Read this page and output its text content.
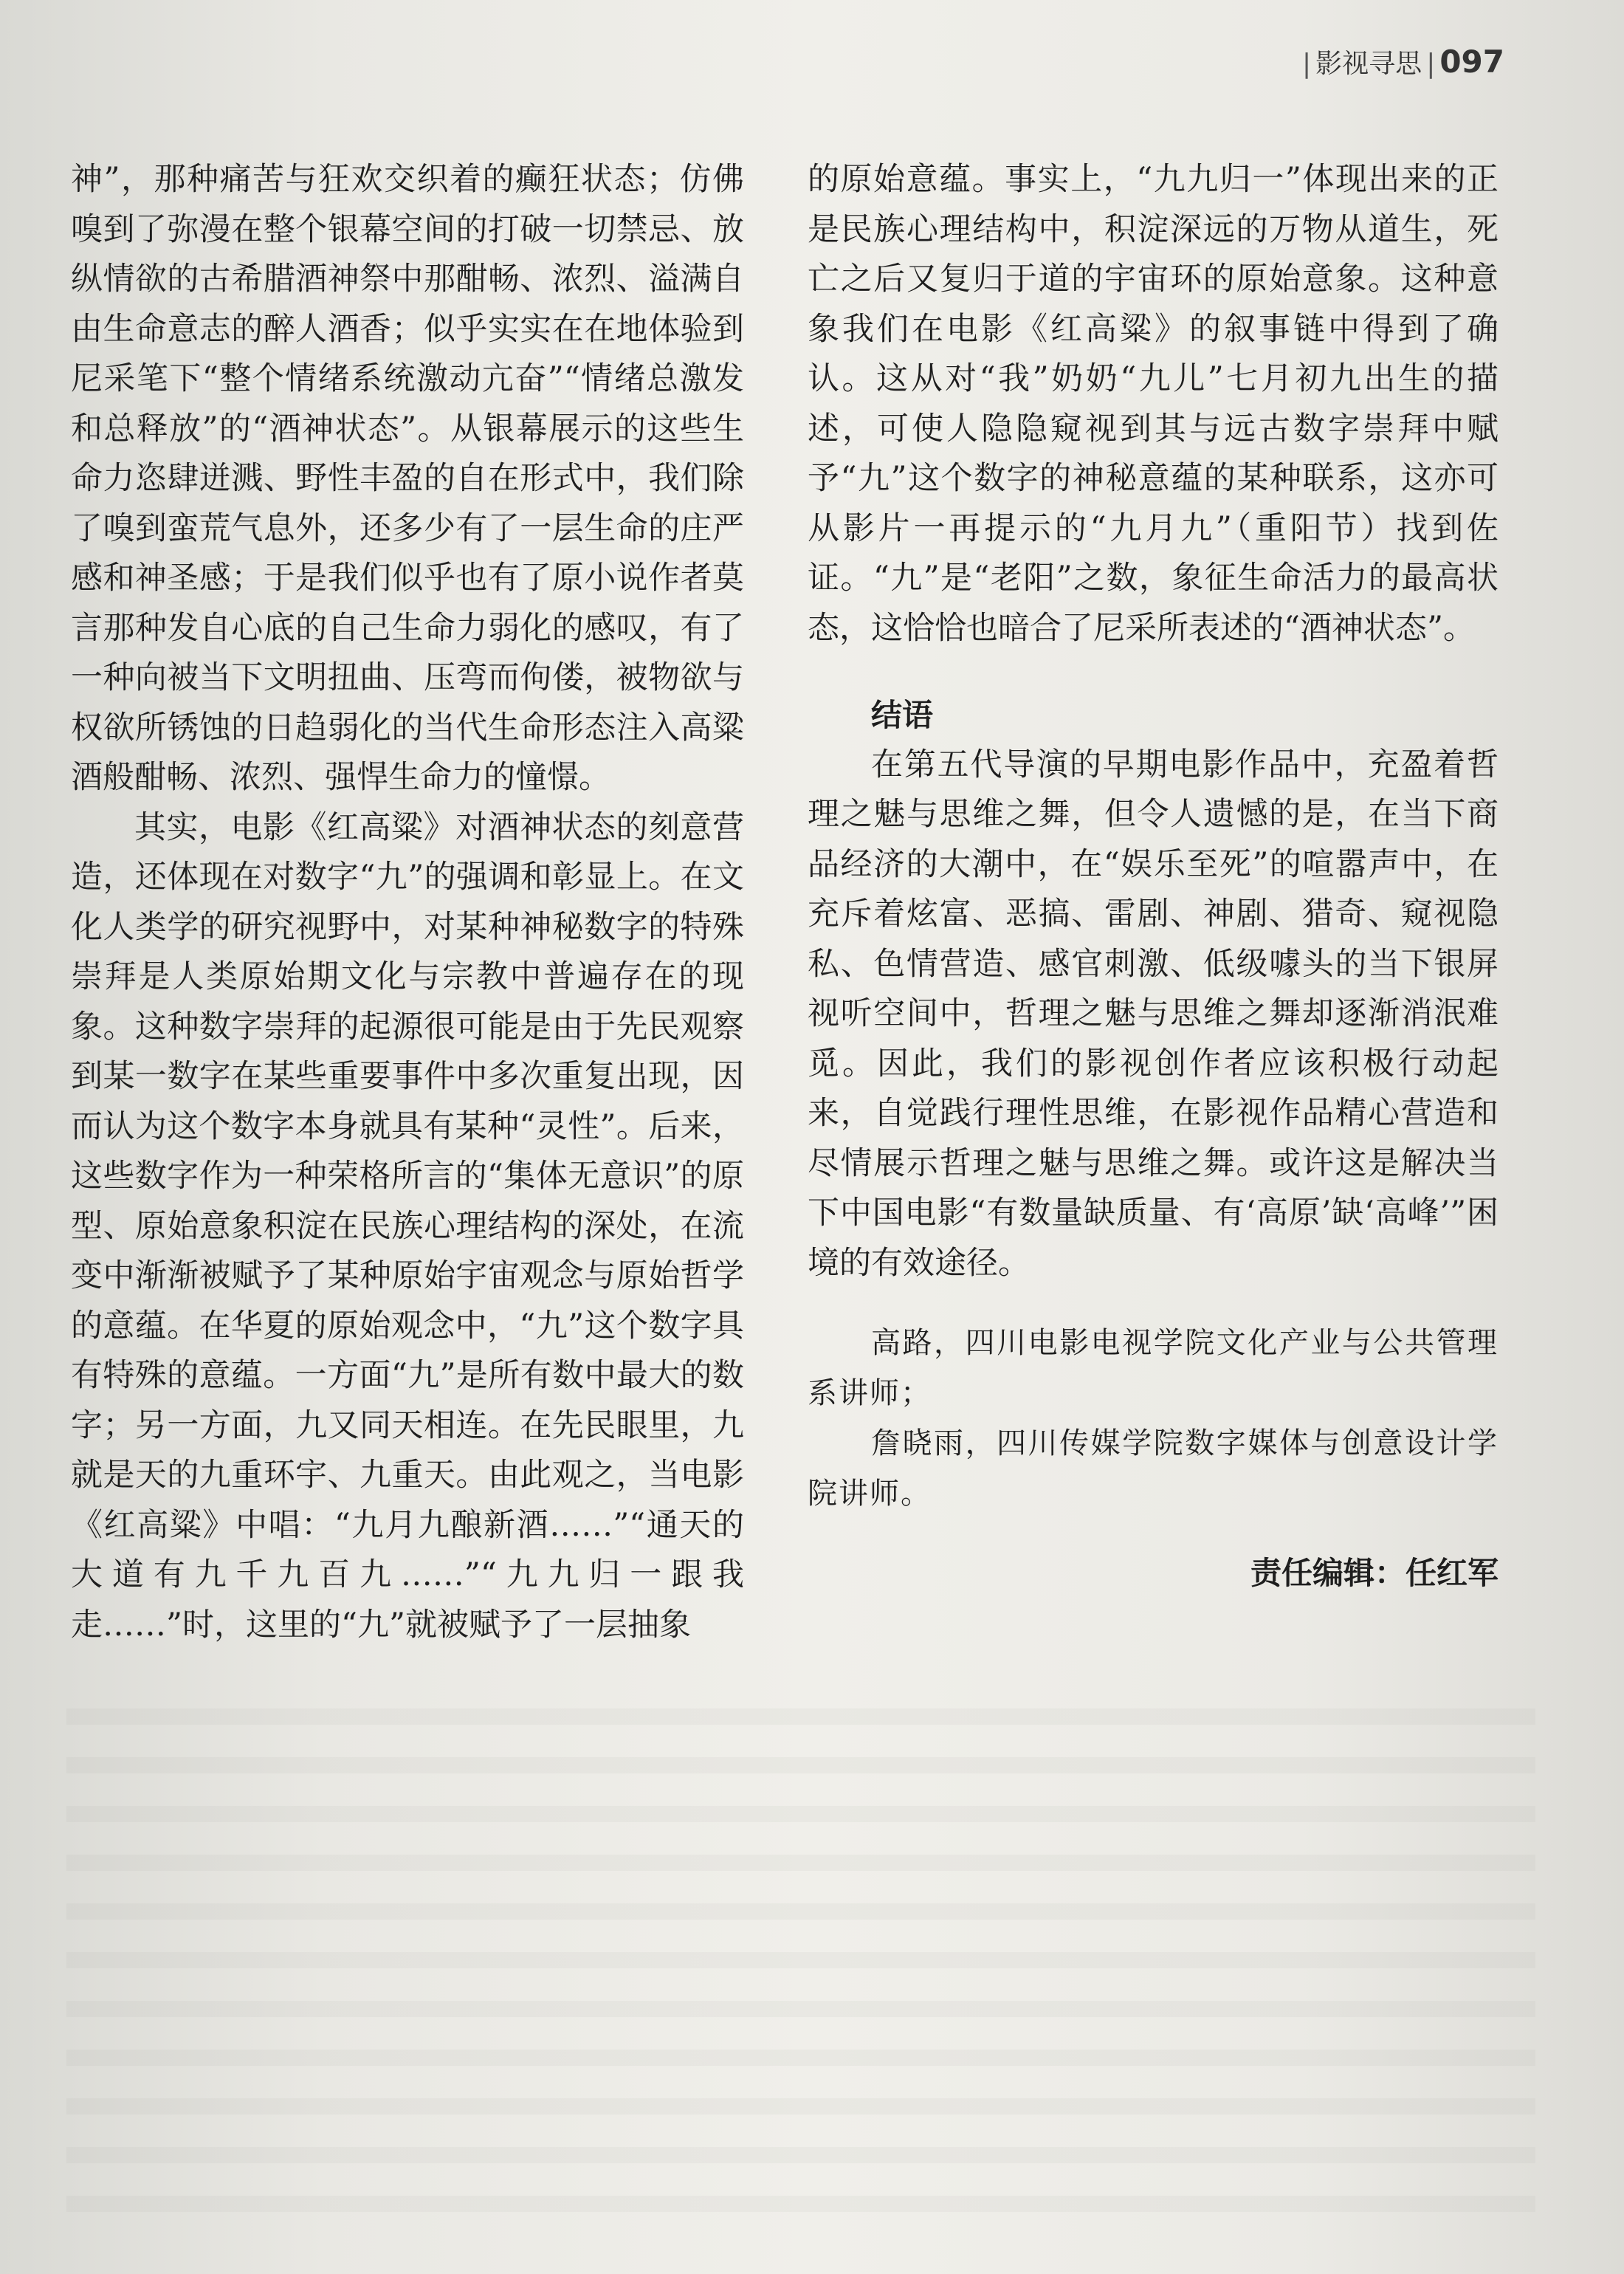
| 影视寻思 | 097

神”，那种痛苦与狂欢交织着的癫狂状态；仿佛嗅到了弥漫在整个银幕空间的打破一切禁忌、放纵情欲的古希腊酒神祭中那酣畅、浓烈、溢满自由生命意志的醉人酒香；似乎实实在在地体验到尼采笔下“整个情绪系统激动亢奋”“情绪总激发和总释放”的“酒神状态”。从银幕展示的这些生命力恣肆迸溅、野性丰盈的自在形式中，我们除了嗅到蛮荒气息外，还多少有了一层生命的庄严感和神圣感；于是我们似乎也有了原小说作者莫言那种发自心底的自己生命力弱化的感叹，有了一种向被当下文明扭曲、压弯而佝偻，被物欲与权欲所锈蚀的日趋弱化的当代生命形态注入高粱酒般酣畅、浓烈、强悍生命力的憧憬。

其实，电影《红高粱》对酒神状态的刻意营造，还体现在对数字“九”的强调和彰显上。在文化人类学的研究视野中，对某种神秘数字的特殊崇拜是人类原始期文化与宗教中普遍存在的现象。这种数字崇拜的起源很可能是由于先民观察到某一数字在某些重要事件中多次重复出现，因而认为这个数字本身就具有某种“灵性”。后来，这些数字作为一种荣格所言的“集体无意识”的原型、原始意象积淀在民族心理结构的深处，在流变中渐渐被赋予了某种原始宇宙观念与原始哲学的意蕴。在华夏的原始观念中，“九”这个数字具有特殊的意蕴。一方面“九”是所有数中最大的数字；另一方面，九又同天相连。在先民眼里，九就是天的九重环宇、九重天。由此观之，当电影《红高粱》中唱：“九月九酿新酒……”“通天的大道有九千九百九……”“九九归一跟我走……”时，这里的“九”就被赋予了一层抽象

的原始意蕴。事实上，“九九归一”体现出来的正是民族心理结构中，积淀深远的万物从道生，死亡之后又复归于道的宇宙环的原始意象。这种意象我们在电影《红高粱》的叙事链中得到了确认。这从对“我”奶奶“九儿”七月初九出生的描述，可使人隐隐窥视到其与远古数字崇拜中赋予“九”这个数字的神秘意蕴的某种联系，这亦可从影片一再提示的“九月九”（重阳节）找到佐证。“九”是“老阳”之数，象征生命活力的最高状态，这恰恰也暗合了尼采所表述的“酒神状态”。

结语

在第五代导演的早期电影作品中，充盈着哲理之魅与思维之舞，但令人遗憾的是，在当下商品经济的大潮中，在“娱乐至死”的喧嚣声中，在充斥着炫富、恶搞、雷剧、神剧、猎奇、窥视隐私、色情营造、感官刺激、低级噱头的当下银屏视听空间中，哲理之魅与思维之舞却逐渐消泯难觅。因此，我们的影视创作者应该积极行动起来，自觉践行理性思维，在影视作品精心营造和尽情展示哲理之魅与思维之舞。或许这是解决当下中国电影“有数量缺质量、有‘高原’缺‘高峰’”困境的有效途径。

高路，四川电影电视学院文化产业与公共管理系讲师；

詹晓雨，四川传媒学院数字媒体与创意设计学院讲师。

责任编辑：任红军
